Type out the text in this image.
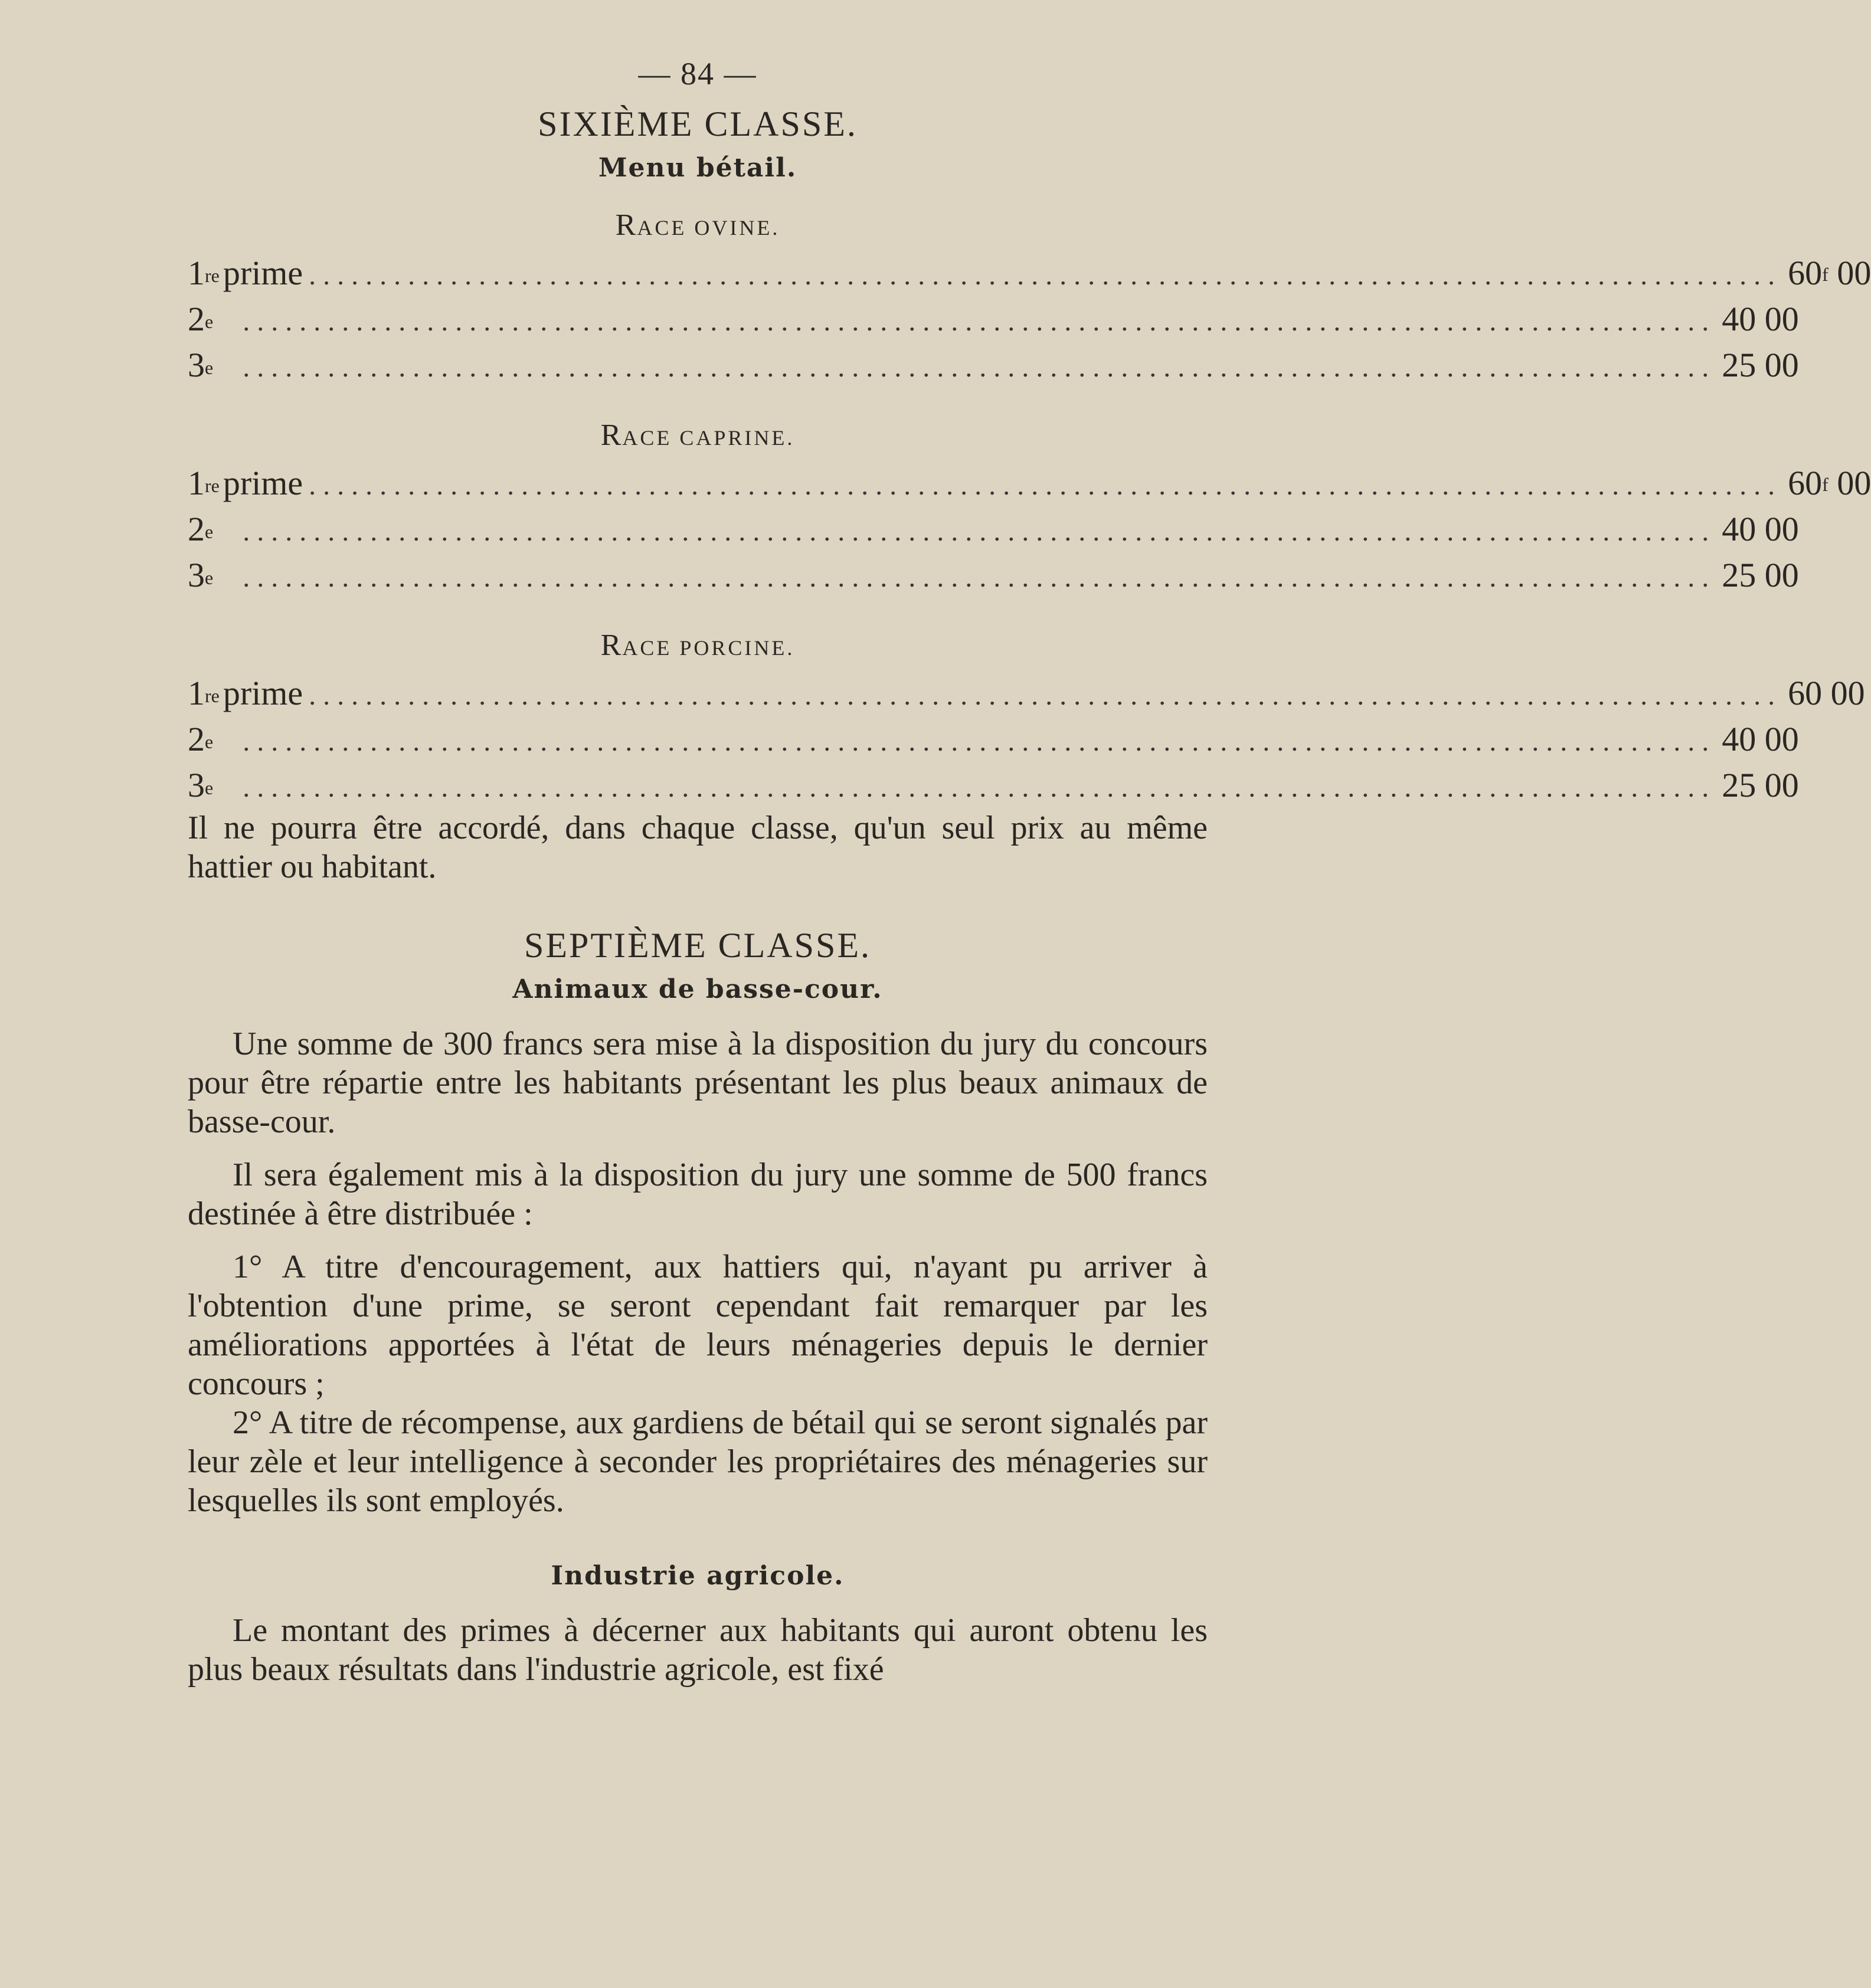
— 84 —
SIXIÈME CLASSE.
Menu bétail.
RACE OVINE.
1re prime ........................................................................................................ 60$^f$ 00
2e ........................................................................................................ 40 00
3e ........................................................................................................ 25 00
RACE CAPRINE.
1re prime ........................................................................................................ 60$^f$ 00
2e ........................................................................................................ 40 00
3e ........................................................................................................ 25 00
RACE PORCINE.
1re prime ........................................................................................................ 60 00
2e ........................................................................................................ 40 00
3e ........................................................................................................ 25 00

Il ne pourra être accordé, dans chaque classe, qu'un seul prix au même hattier ou habitant.

SEPTIÈME CLASSE.
Animaux de basse-cour.

Une somme de 300 francs sera mise à la disposition du jury du concours pour être répartie entre les habitants présentant les plus beaux animaux de basse-cour.

Il sera également mis à la disposition du jury une somme de 500 francs destinée à être distribuée :

1° A titre d'encouragement, aux hattiers qui, n'ayant pu arriver à l'obtention d'une prime, se seront cependant fait remarquer par les améliorations apportées à l'état de leurs ménageries depuis le dernier concours ;

2° A titre de récompense, aux gardiens de bétail qui se seront signalés par leur zèle et leur intelligence à seconder les propriétaires des ménageries sur lesquelles ils sont employés.

Industrie agricole.

Le montant des primes à décerner aux habitants qui auront obtenu les plus beaux résultats dans l'industrie agricole, est fixé
